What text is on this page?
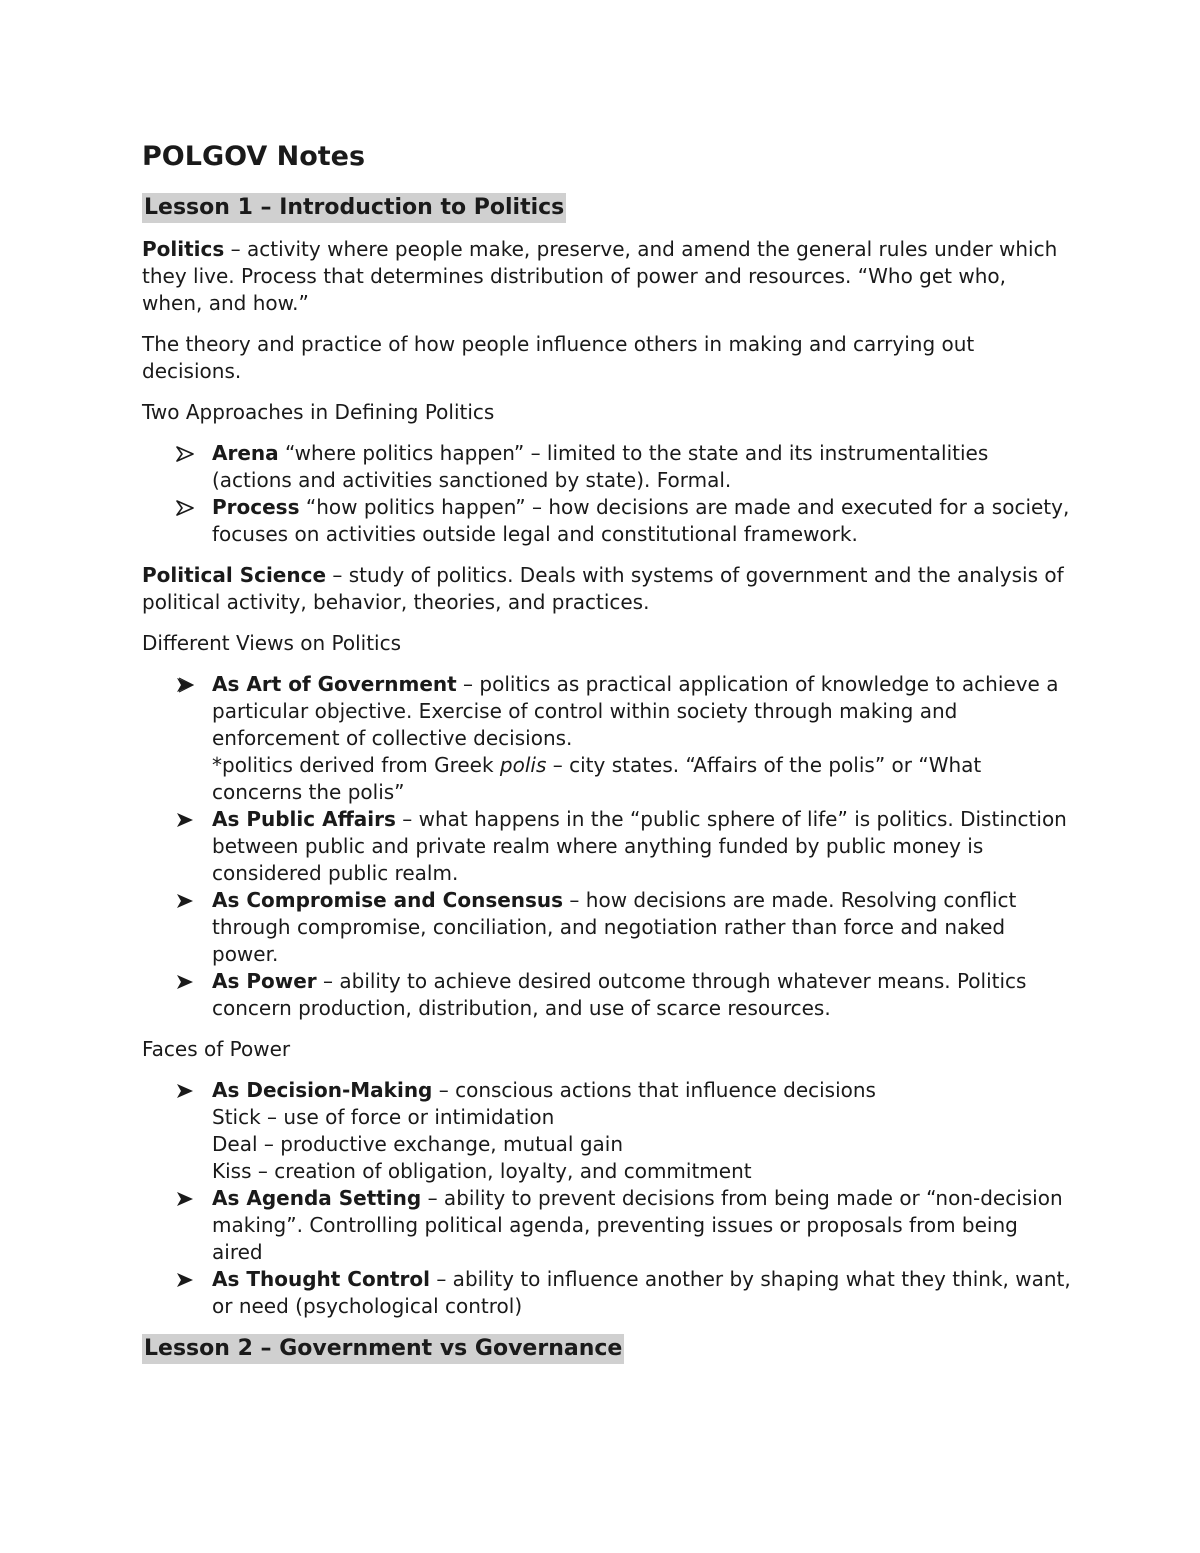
POLGOV Notes
Lesson 1 – Introduction to Politics

Politics – activity where people make, preserve, and amend the general rules under which they live. Process that determines distribution of power and resources. “Who get who, when, and how.”

The theory and practice of how people influence others in making and carrying out decisions.

Two Approaches in Defining Politics
Arena “where politics happen” – limited to the state and its instrumentalities (actions and activities sanctioned by state). Formal.
Process “how politics happen” – how decisions are made and executed for a society, focuses on activities outside legal and constitutional framework.

Political Science – study of politics. Deals with systems of government and the analysis of political activity, behavior, theories, and practices.

Different Views on Politics
As Art of Government – politics as practical application of knowledge to achieve a particular objective. Exercise of control within society through making and enforcement of collective decisions.
*politics derived from Greek polis – city states. “Affairs of the polis” or “What concerns the polis”
As Public Affairs – what happens in the “public sphere of life” is politics. Distinction between public and private realm where anything funded by public money is considered public realm.
As Compromise and Consensus – how decisions are made. Resolving conflict through compromise, conciliation, and negotiation rather than force and naked power.
As Power – ability to achieve desired outcome through whatever means. Politics concern production, distribution, and use of scarce resources.
Faces of Power
As Decision-Making – conscious actions that influence decisions
Stick – use of force or intimidation
Deal – productive exchange, mutual gain
Kiss – creation of obligation, loyalty, and commitment
As Agenda Setting – ability to prevent decisions from being made or “non-decision making”. Controlling political agenda, preventing issues or proposals from being aired
As Thought Control – ability to influence another by shaping what they think, want, or need (psychological control)
Lesson 2 – Government vs Governance
